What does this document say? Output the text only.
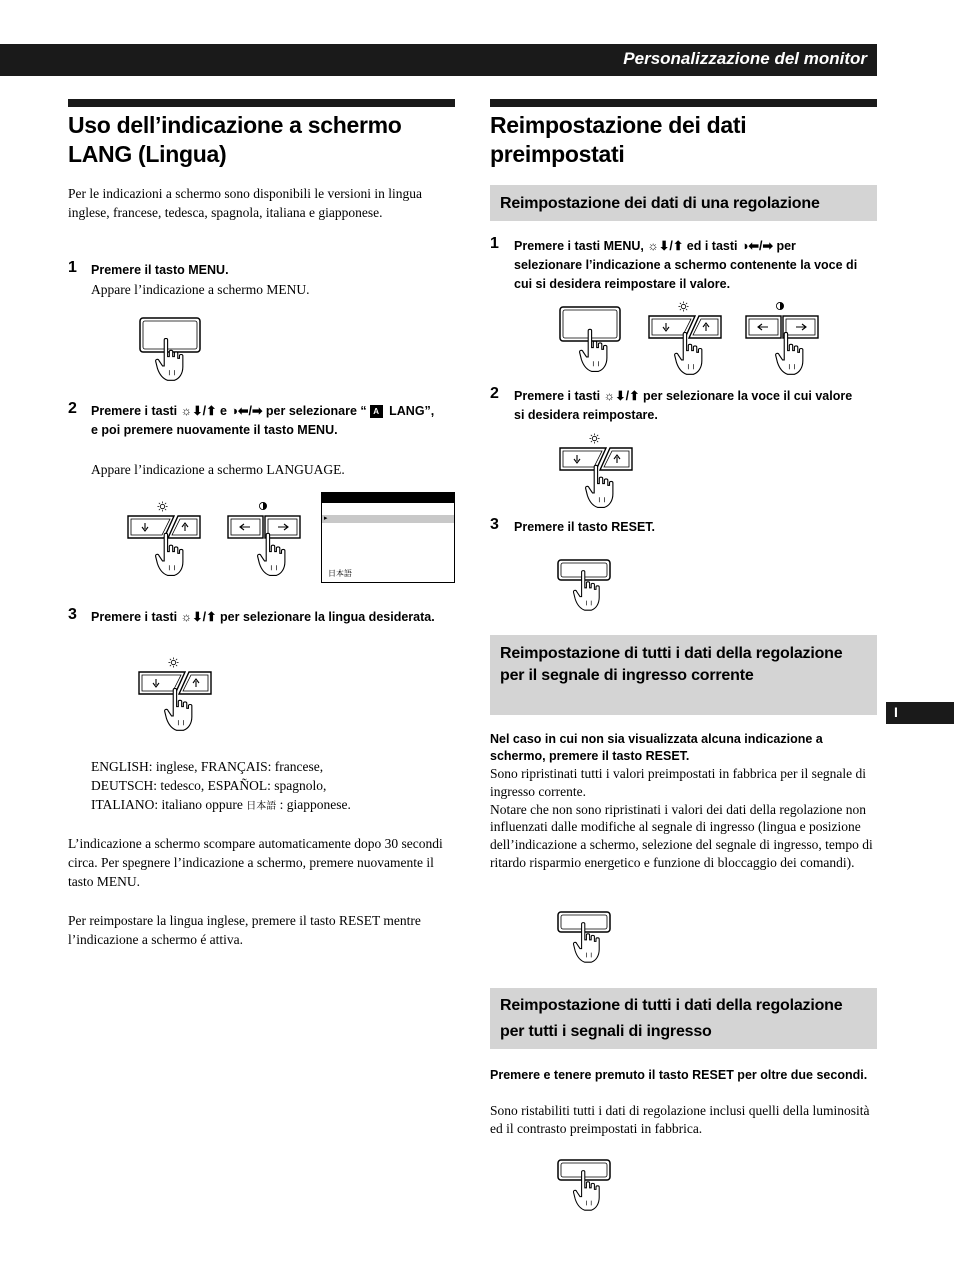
Personalizzazione del monitor
I
Uso dell’indicazione a schermo LANG (Lingua)
Per le indicazioni a schermo sono disponibili le versioni in lingua inglese, francese, tedesca, spagnola, italiana e giapponese.
1 Premere il tasto MENU.
Appare l’indicazione a schermo MENU.
2 Premere i tasti ☼⬇/⬆ e ◑⬅/➡ per selezionare “ A LANG”, e poi premere nuovamente il tasto MENU.
Appare l’indicazione a schermo LANGUAGE.
▸
日本語
3 Premere i tasti ☼⬇/⬆ per selezionare la lingua desiderata.
ENGLISH: inglese, FRANÇAIS: francese,
DEUTSCH: tedesco, ESPAÑOL: spagnolo,
ITALIANO: italiano oppure 日本語 : giapponese.
L’indicazione a schermo scompare automaticamente dopo 30 secondi circa. Per spegnere l’indicazione a schermo, premere nuovamente il tasto MENU.
Per reimpostare la lingua inglese, premere il tasto RESET mentre l’indicazione a schermo é attiva.
Reimpostazione dei dati preimpostati
Reimpostazione dei dati di una regolazione
1 Premere i tasti MENU, ☼⬇/⬆ ed i tasti ◑⬅/➡ per selezionare l’indicazione a schermo contenente la voce di cui si desidera reimpostare il valore.
2 Premere i tasti ☼⬇/⬆ per selezionare la voce il cui valore si desidera reimpostare.
3 Premere il tasto RESET.
Reimpostazione di tutti i dati della regolazione per il segnale di ingresso corrente
Nel caso in cui non sia visualizzata alcuna indicazione a schermo, premere il tasto RESET.
Sono ripristinati tutti i valori preimpostati in fabbrica per il segnale di ingresso corrente.
Notare che non sono ripristinati i valori dei dati della regolazione non influenzati dalle modifiche al segnale di ingresso (lingua e posizione dell’indicazione a schermo, selezione del segnale di ingresso, tempo di ritardo risparmio energetico e funzione di bloccaggio dei comandi).
Reimpostazione di tutti i dati della regolazione per tutti i segnali di ingresso
Premere e tenere premuto il tasto RESET per oltre due secondi.
Sono ristabiliti tutti i dati di regolazione inclusi quelli della luminosità ed il contrasto preimpostati in fabbrica.
